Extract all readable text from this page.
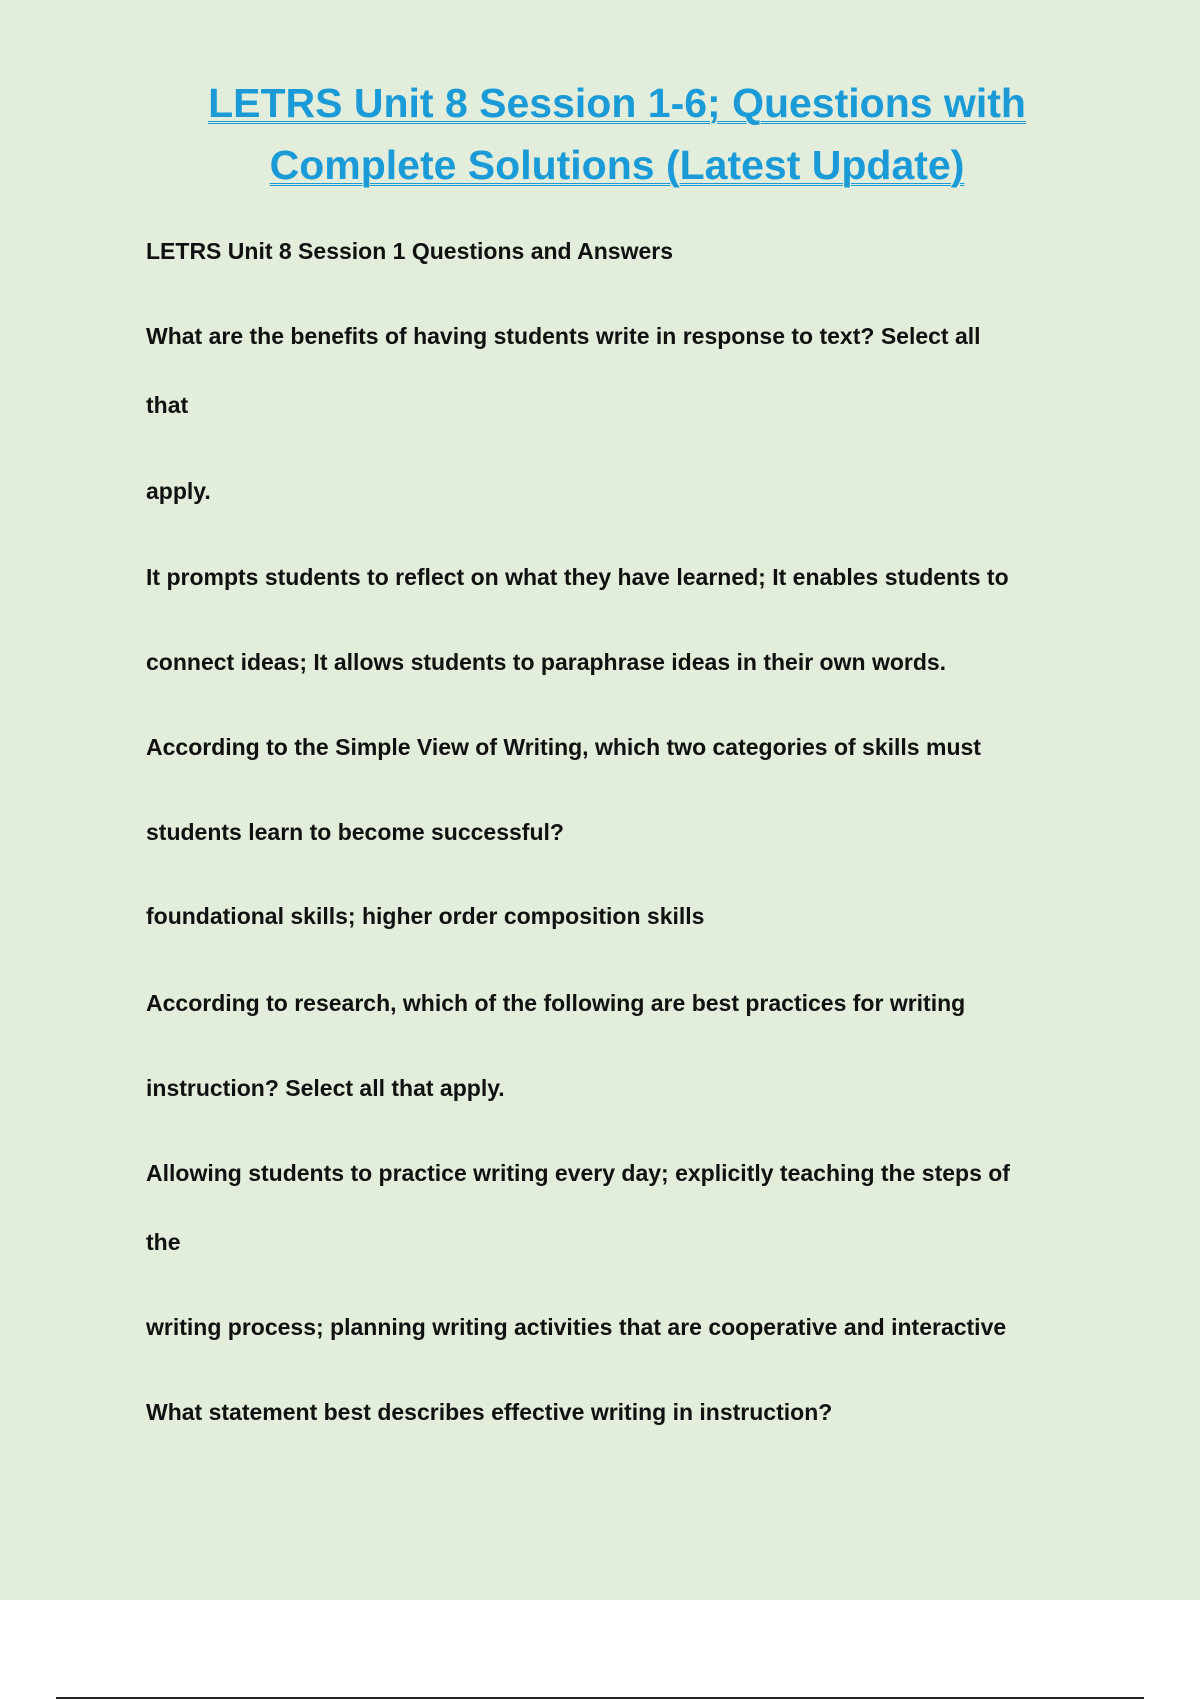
LETRS Unit 8 Session 1-6; Questions with
Complete Solutions (Latest Update)

LETRS Unit 8 Session 1 Questions and Answers

What are the benefits of having students write in response to text? Select all

that

apply.

It prompts students to reflect on what they have learned; It enables students to

connect ideas; It allows students to paraphrase ideas in their own words.

According to the Simple View of Writing, which two categories of skills must

students learn to become successful?

foundational skills; higher order composition skills

According to research, which of the following are best practices for writing

instruction? Select all that apply.

Allowing students to practice writing every day; explicitly teaching the steps of

the

writing process; planning writing activities that are cooperative and interactive

What statement best describes effective writing in instruction?
